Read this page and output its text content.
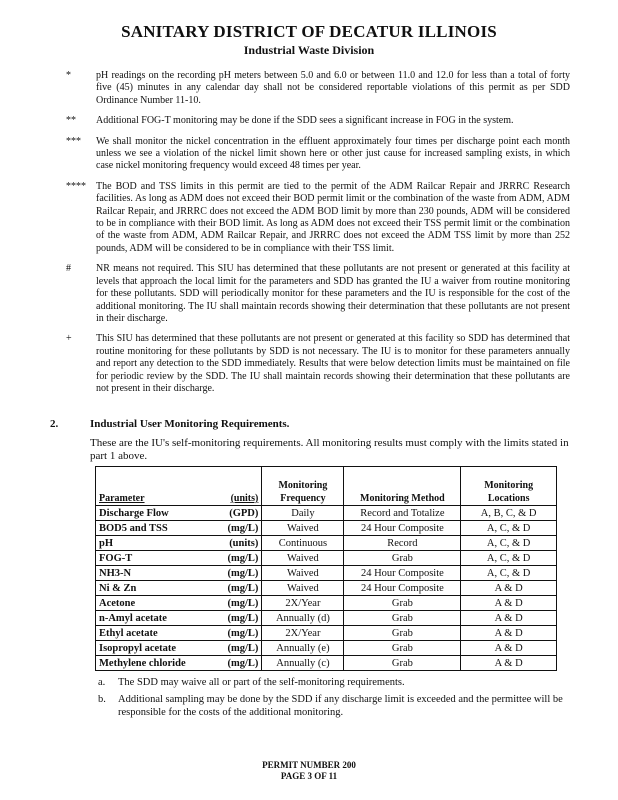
SANITARY DISTRICT OF DECATUR ILLINOIS
Industrial Waste Division
*	pH readings on the recording pH meters between 5.0 and 6.0 or between 11.0 and 12.0 for less than a total of forty five (45) minutes in any calendar day shall not be considered reportable violations of this permit as per SDD Ordinance Number 11-10.
**	Additional FOG-T monitoring may be done if the SDD sees a significant increase in FOG in the system.
***	We shall monitor the nickel concentration in the effluent approximately four times per discharge point each month unless we see a violation of the nickel limit shown here or other just cause for increased sampling exists, in which case nickel monitoring frequency would exceed 48 times per year.
****	The BOD and TSS limits in this permit are tied to the permit of the ADM Railcar Repair and JRRRC Research facilities. As long as ADM does not exceed their BOD permit limit or the combination of the waste from ADM, ADM Railcar Repair, and JRRRC does not exceed the ADM BOD limit by more than 230 pounds, ADM will be considered to be in compliance with their BOD limit. As long as ADM does not exceed their TSS permit limit or the combination of the waste from ADM, ADM Railcar Repair, and JRRRC does not exceed the ADM TSS limit by more than 252 pounds, ADM will be considered to be in compliance with their TSS limit.
#	NR means not required. This SIU has determined that these pollutants are not present or generated at this facility at levels that approach the local limit for the parameters and SDD has granted the IU a waiver from routine monitoring for these pollutants. SDD will periodically monitor for these parameters and the IU is responsible for the cost of the additional monitoring. The IU shall maintain records showing their determination that these pollutants are not present in their discharge.
+	This SIU has determined that these pollutants are not present or generated at this facility so SDD has determined that routine monitoring for these pollutants by SDD is not necessary. The IU is to monitor for these parameters annually and report any detection to the SDD immediately. Results that were below detection limits must be maintained on file for periodic review by the SDD. The IU shall maintain records showing their determination that these pollutants are not present in their discharge.
2.	Industrial User Monitoring Requirements.
These are the IU's self-monitoring requirements. All monitoring results must comply with the limits stated in part 1 above.
Parameter	(units)	Monitoring Frequency	Monitoring Method	Monitoring Locations
Discharge Flow	(GPD)	Daily	Record and Totalize	A, B, C, & D
BOD5 and TSS	(mg/L)	Waived	24 Hour Composite	A, C, & D
pH	(units)	Continuous	Record	A, C, & D
FOG-T	(mg/L)	Waived	Grab	A, C, & D
NH3-N	(mg/L)	Waived	24 Hour Composite	A, C, & D
Ni & Zn	(mg/L)	Waived	24 Hour Composite	A & D
Acetone	(mg/L)	2X/Year	Grab	A & D
n-Amyl acetate	(mg/L)	Annually (d)	Grab	A & D
Ethyl acetate	(mg/L)	2X/Year	Grab	A & D
Isopropyl acetate	(mg/L)	Annually (e)	Grab	A & D
Methylene chloride	(mg/L)	Annually (c)	Grab	A & D
a. The SDD may waive all or part of the self-monitoring requirements.
b. Additional sampling may be done by the SDD if any discharge limit is exceeded and the permittee will be responsible for the costs of the additional monitoring.
PERMIT NUMBER 200
PAGE 3 OF 11
